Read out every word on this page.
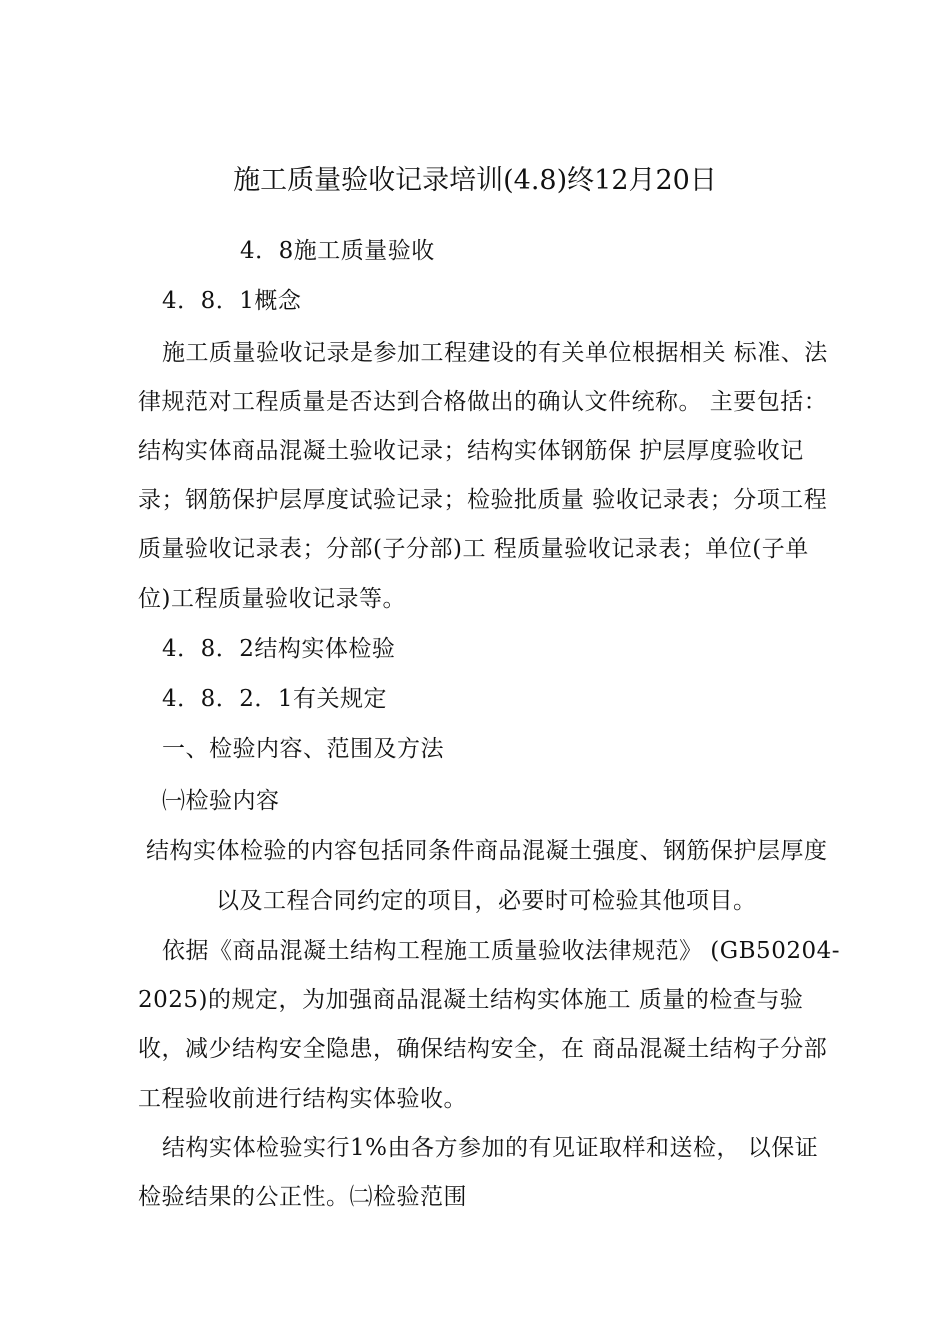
施工质量验收记录培训(4.8)终12月20日
4．8施工质量验收
4．8．1概念
施工质量验收记录是参加工程建设的有关单位根据相关 标准、法
律规范对工程质量是否达到合格做出的确认文件统称。 主要包括：
结构实体商品混凝土验收记录；结构实体钢筋保 护层厚度验收记
录；钢筋保护层厚度试验记录；检验批质量 验收记录表；分项工程
质量验收记录表；分部(子分部)工 程质量验收记录表；单位(子单
位)工程质量验收记录等。
4．8．2结构实体检验
4．8．2．1有关规定
一、检验内容、范围及方法
㈠检验内容
结构实体检验的内容包括同条件商品混凝土强度、钢筋保护层厚度
以及工程合同约定的项目，必要时可检验其他项目。
依据《商品混凝土结构工程施工质量验收法律规范》 (GB50204-
2025)的规定，为加强商品混凝土结构实体施工 质量的检查与验
收，减少结构安全隐患，确保结构安全，在 商品混凝土结构子分部
工程验收前进行结构实体验收。
结构实体检验实行1%由各方参加的有见证取样和送检， 以保证
检验结果的公正性。㈡检验范围
